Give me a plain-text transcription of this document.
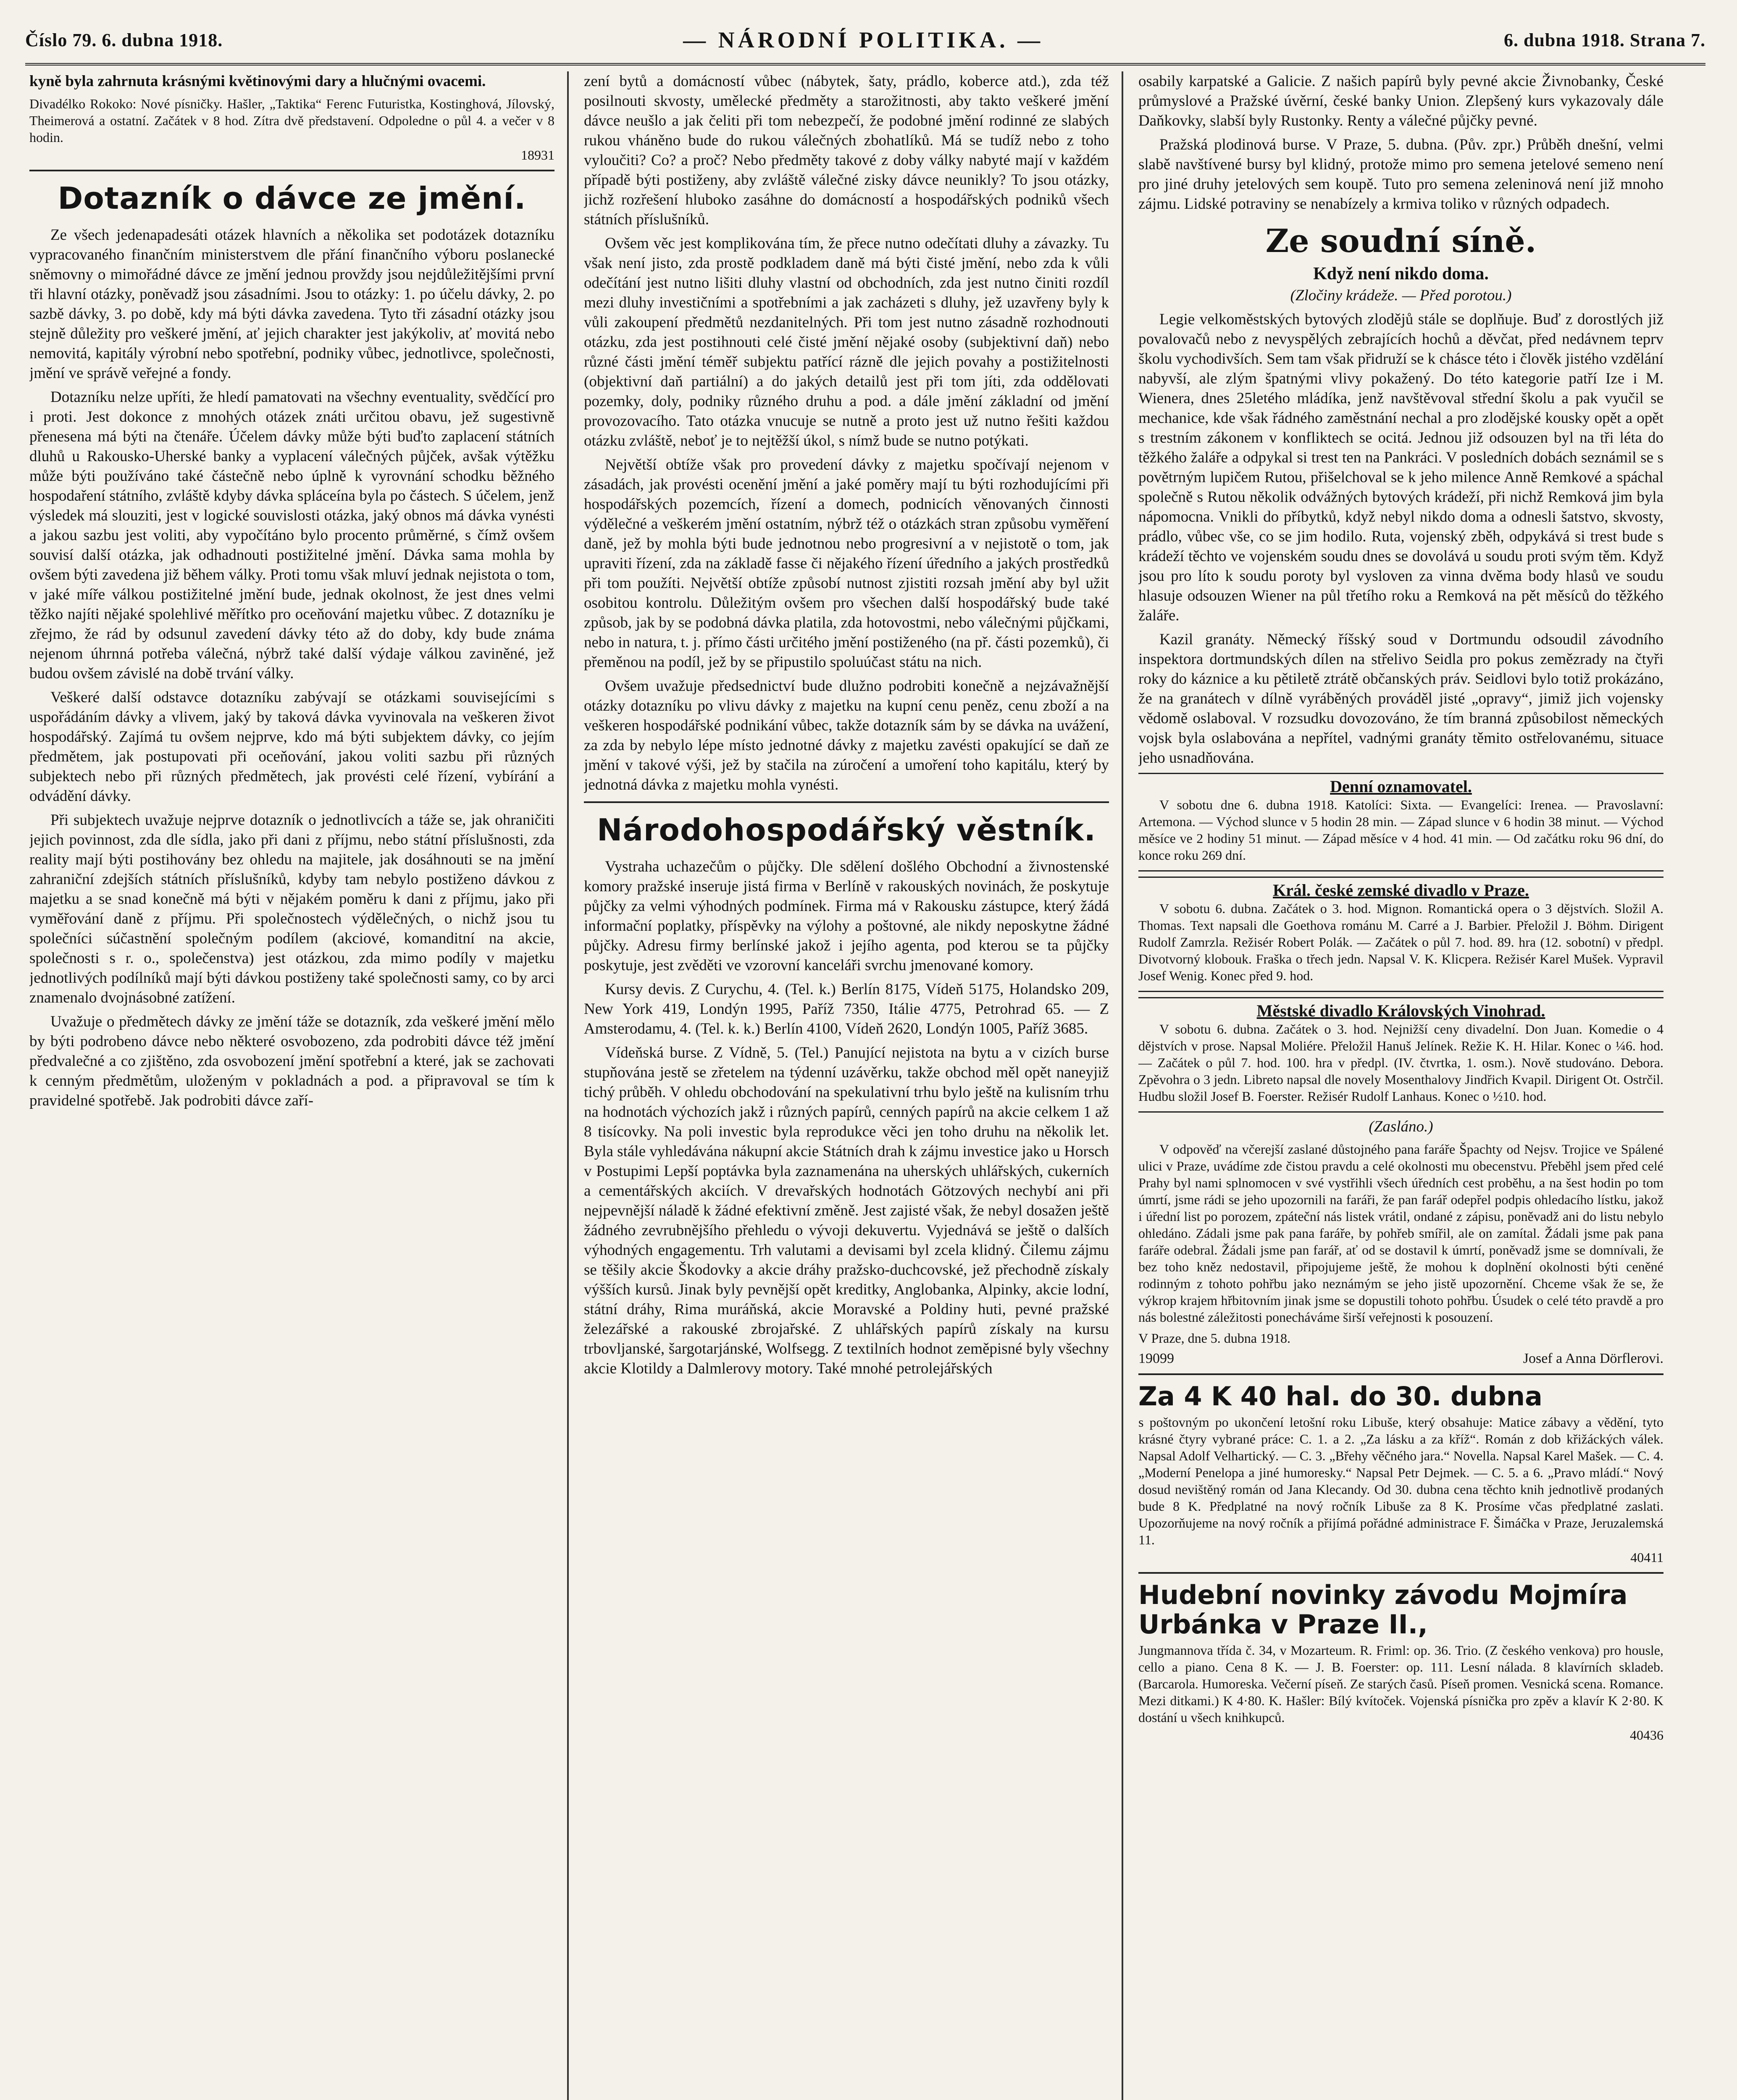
Číslo 79. 6. dubna 1918.	— NÁRODNÍ POLITIKA. —	6. dubna 1918. Strana 7.

kyně byla zahrnuta krásnými květinovými dary a hlučnými ovacemi.

Divadélko Rokoko: Nové písničky. Hašler, „Taktika“ Ferenc Futuristka, Kostinghová, Jílovský, Theimerová a ostatní. Začátek v 8 hod. Zítra dvě představení. Odpoledne o půl 4. a večer v 8 hodin.

18931
Dotazník o dávce ze jmění.

Ze všech jedenapadesáti otázek hlavních a několika set podotázek dotazníku vypracovaného finančním ministerstvem dle přání finančního výboru poslanecké sněmovny o mimořádné dávce ze jmění jednou provždy jsou nejdůležitějšími první tři hlavní otázky, poněvadž jsou zásadními. Jsou to otázky: 1. po účelu dávky, 2. po sazbě dávky, 3. po době, kdy má býti dávka zavedena. Tyto tři zásadní otázky jsou stejně důležity pro veškeré jmění, ať jejich charakter jest jakýkoliv, ať movitá nebo nemovitá, kapitály výrobní nebo spotřební, podniky vůbec, jednotlivce, společnosti, jmění ve správě veřejné a fondy.

Dotazníku nelze upříti, že hledí pamatovati na všechny eventuality, svědčící pro i proti. Jest dokonce z mnohých otázek znáti určitou obavu, jež sugestivně přenesena má býti na čtenáře. Účelem dávky může býti buďto zaplacení státních dluhů u Rakousko-Uherské banky a vyplacení válečných půjček, avšak výtěžku může býti používáno také částečně nebo úplně k vyrovnání schodku běžného hospodaření státního, zvláště kdyby dávka spláceína byla po částech. S účelem, jenž výsledek má slouziti, jest v logické souvislosti otázka, jaký obnos má dávka vynésti a jakou sazbu jest voliti, aby vypočítáno bylo procento průměrné, s čímž ovšem souvisí další otázka, jak odhadnouti postižitelné jmění. Dávka sama mohla by ovšem býti zavedena již během války. Proti tomu však mluví jednak nejistota o tom, v jaké míře válkou postižitelné jmění bude, jednak okolnost, že jest dnes velmi těžko najíti nějaké spolehlivé měřítko pro oceňování majetku vůbec. Z dotazníku je zřejmo, že rád by odsunul zavedení dávky této až do doby, kdy bude známa nejenom úhrnná potřeba válečná, nýbrž také další výdaje válkou zaviněné, jež budou ovšem závislé na době trvání války.

Veškeré další odstavce dotazníku zabývají se otázkami souvisejícími s uspořádáním dávky a vlivem, jaký by taková dávka vyvinovala na veškeren život hospodářský. Zajímá tu ovšem nejprve, kdo má býti subjektem dávky, co jejím předmětem, jak postupovati při oceňování, jakou voliti sazbu při různých subjektech nebo při různých předmětech, jak provésti celé řízení, vybírání a odvádění dávky.

Při subjektech uvažuje nejprve dotazník o jednotlivcích a táže se, jak ohraničiti jejich povinnost, zda dle sídla, jako při dani z příjmu, nebo státní příslušnosti, zda reality mají býti postihovány bez ohledu na majitele, jak dosáhnouti se na jmění zahraniční zdejších státních příslušníků, kdyby tam nebylo postiženo dávkou z majetku a se snad konečně má býti v nějakém poměru k dani z příjmu, jako při vyměřování daně z příjmu. Při společnostech výdělečných, o nichž jsou tu společníci súčastnění společným podílem (akciové, komanditní na akcie, společnosti s r. o., společenstva) jest otázkou, zda mimo podíly v majetku jednotlivých podílníků mají býti dávkou postiženy také společnosti samy, co by arci znamenalo dvojnásobné zatížení.

Uvažuje o předmětech dávky ze jmění táže se dotazník, zda veškeré jmění mělo by býti podrobeno dávce nebo některé osvobozeno, zda podrobiti dávce též jmění předvalečné a co zjištěno, zda osvobození jmění spotřební a které, jak se zachovati k cenným předmětům, uloženým v pokladnách a pod. a připravoval se tím k pravidelné spotřebě. Jak podrobiti dávce zaří-

zení bytů a domácností vůbec (nábytek, šaty, prádlo, koberce atd.), zda též posilnouti skvosty, umělecké předměty a starožitnosti, aby takto veškeré jmění dávce neušlo a jak čeliti při tom nebezpečí, že podobné jmění rodinné ze slabých rukou vháněno bude do rukou válečných zbohatlíků. Má se tudíž nebo z toho vyloučiti? Co? a proč? Nebo předměty takové z doby války nabyté mají v každém případě býti postiženy, aby zvláště válečné zisky dávce neunikly? To jsou otázky, jichž rozřešení hluboko zasáhne do domácností a hospodářských podniků všech státních příslušníků.

Ovšem věc jest komplikována tím, že přece nutno odečítati dluhy a závazky. Tu však není jisto, zda prostě podkladem daně má býti čisté jmění, nebo zda k vůli odečítání jest nutno lišiti dluhy vlastní od obchodních, zda jest nutno činiti rozdíl mezi dluhy investičními a spotřebními a jak zacházeti s dluhy, jež uzavřeny byly k vůli zakoupení předmětů nezdanitelných. Při tom jest nutno zásadně rozhodnouti otázku, zda jest postihnouti celé čisté jmění nějaké osoby (subjektivní daň) nebo různé části jmění téměř subjektu patřící rázně dle jejich povahy a postižitelnosti (objektivní daň partiální) a do jakých detailů jest při tom jíti, zda oddělovati pozemky, doly, podniky různého druhu a pod. a dále jmění základní od jmění provozovacího. Tato otázka vnucuje se nutně a proto jest už nutno řešiti každou otázku zvláště, neboť je to nejtěžší úkol, s nímž bude se nutno potýkati.

Největší obtíže však pro provedení dávky z majetku spočívají nejenom v zásadách, jak provésti ocenění jmění a jaké poměry mají tu býti rozhodujícími při hospodářských pozemcích, řízení a domech, podnicích věnovaných činnosti výdělečné a veškerém jmění ostatním, nýbrž též o otázkách stran způsobu vyměření daně, jež by mohla býti bude jednotnou nebo progresivní a v nejistotě o tom, jak upraviti řízení, zda na základě fasse či nějakého řízení úředního a jakých prostředků při tom použíti. Největší obtíže způsobí nutnost zjistiti rozsah jmění aby byl užit osobitou kontrolu. Důležitým ovšem pro všechen další hospodářský bude také způsob, jak by se podobná dávka platila, zda hotovostmi, nebo válečnými půjčkami, nebo in natura, t. j. přímo části určitého jmění postiženého (na př. části pozemků), či přeměnou na podíl, jež by se připustilo spoluúčast státu na nich.

Ovšem uvažuje předsednictví bude dlužno podrobiti konečně a nejzávažnější otázky dotazníku po vlivu dávky z majetku na kupní cenu peněz, cenu zboží a na veškeren hospodářské podnikání vůbec, takže dotazník sám by se dávka na uvážení, za zda by nebylo lépe místo jednotné dávky z majetku zavésti opakující se daň ze jmění v takové výši, jež by stačila na zúročení a umoření toho kapitálu, který by jednotná dávka z majetku mohla vynésti.

Národohospodářský věstník.

Vystraha uchazečům o půjčky. Dle sdělení došlého Obchodní a živnostenské komory pražské inseruje jistá firma v Berlíně v rakouských novinách, že poskytuje půjčky za velmi výhodných podmínek. Firma má v Rakousku zástupce, který žádá informační poplatky, příspěvky na výlohy a poštovné, ale nikdy neposkytne žádné půjčky. Adresu firmy berlínské jakož i jejího agenta, pod kterou se ta půjčky poskytuje, jest zvěděti ve vzorovní kanceláři svrchu jmenované komory.

Kursy devis. Z Curychu, 4. (Tel. k.) Berlín 8175, Vídeň 5175, Holandsko 209, New York 419, Londýn 1995, Paříž 7350, Itálie 4775, Petrohrad 65. — Z Amsterodamu, 4. (Tel. k. k.) Berlín 4100, Vídeň 2620, Londýn 1005, Paříž 3685.

Vídeňská burse. Z Vídně, 5. (Tel.) Panující nejistota na bytu a v cizích burse stupňována jestě se zřetelem na týdenní uzávěrku, takže obchod měl opět naneyjiž tichý průběh. V ohledu obchodování na spekulativní trhu bylo ještě na kulisním trhu na hodnotách výchozích jakž i různých papírů, cenných papírů na akcie celkem 1 až 8 tisícovky. Na poli investic byla reprodukce věci jen toho druhu na několik let. Byla stále vyhledávána nákupní akcie Státních drah k zájmu investice jako u Horsch v Postupimi Lepší poptávka byla zaznamenána na uherských uhlářských, cukerních a cementářských akciích. V drevařských hodnotách Götzových nechybí ani při nejpevnější náladě k žádné efektivní změně. Jest zajisté však, že nebyl dosažen ještě žádného zevrubnějšího přehledu o vývoji dekuvertu. Vyjednává se ještě o dalších výhodných engagementu. Trh valutami a devisami byl zcela klidný. Čilemu zájmu se těšily akcie Škodovky a akcie dráhy pražsko-duchcovské, jež přechodně získaly výšších kursů. Jinak byly pevnější opět kreditky, Anglobanka, Alpinky, akcie lodní, státní dráhy, Rima muráňská, akcie Moravské a Poldiny huti, pevné pražské železářské a rakouské zbrojařské. Z uhlářských papírů získaly na kursu trbovljanské, šargotarjánské, Wolfsegg. Z textilních hodnot zeměpisné byly všechny akcie Klotildy a Dalmlerovy motory. Také mnohé petrolejářských

osabily karpatské a Galicie. Z našich papírů byly pevné akcie Živnobanky, České průmyslové a Pražské úvěrní, české banky Union. Zlepšený kurs vykazovaly dále Daňkovky, slabší byly Rustonky. Renty a válečné půjčky pevné.

Pražská plodinová burse. V Praze, 5. dubna. (Pův. zpr.) Průběh dnešní, velmi slabě navštívené bursy byl klidný, protože mimo pro semena jetelové semeno není pro jiné druhy jetelových sem koupě. Tuto pro semena zeleninová není již mnoho zájmu. Lidské potraviny se nenabízely a krmiva toliko v různých odpadech.

Ze soudní síně.
Když není nikdo doma.
(Zločiny krádeže. — Před porotou.)

Legie velkoměstských bytových zlodějů stále se doplňuje. Buď z dorostlých již povalovačů nebo z nevyspělých zebrajících hochů a děvčat, před nedávnem teprv školu vychodivších. Sem tam však přidruží se k chásce této i člověk jistého vzdělání nabyvší, ale zlým špatnými vlivy pokažený. Do této kategorie patří Ize i M. Wienera, dnes 25letého mládíka, jenž navštěvoval střední školu a pak vyučil se mechanice, kde však řádného zaměstnání nechal a pro zlodějské kousky opět a opět s trestním zákonem v konfliktech se ocitá. Jednou již odsouzen byl na tři léta do těžkého žaláře a odpykal si trest ten na Pankráci. V posledních dobách seznámil se s povětrným lupičem Rutou, přišelchoval se k jeho milence Anně Remkové a spáchal společně s Rutou několik odvážných bytových krádeží, při nichž Remková jim byla nápomocna. Vnikli do příbytků, když nebyl nikdo doma a odnesli šatstvo, skvosty, prádlo, vůbec vše, co se jim hodilo. Ruta, vojenský zběh, odpykává si trest bude s krádeží těchto ve vojenském soudu dnes se dovolává u soudu proti svým těm. Když jsou pro líto k soudu poroty byl vysloven za vinna dvěma body hlasů ve soudu hlasuje odsouzen Wiener na půl třetího roku a Remková na pět měsíců do těžkého žaláře.

Kazil granáty. Německý říšský soud v Dortmundu odsoudil závodního inspektora dortmundských dílen na střelivo Seidla pro pokus zemězrady na čtyři roky do káznice a ku pětiletě ztrátě občanských práv. Seidlovi bylo totiž prokázáno, že na granátech v dílně vyráběných prováděl jisté „opravy“, jimiž jich vojensky vědomě oslaboval. V rozsudku dovozováno, že tím branná způsobilost německých vojsk byla oslabována a nepřítel, vadnými granáty těmito ostřelovanému, situace jeho usnadňována.

Denní oznamovatel.

V sobotu dne 6. dubna 1918. Katolíci: Sixta. — Evangelíci: Irenea. — Pravoslavní: Artemona. — Východ slunce v 5 hodin 28 min. — Západ slunce v 6 hodin 38 minut. — Východ měsíce ve 2 hodiny 51 minut. — Západ měsíce v 4 hod. 41 min. — Od začátku roku 96 dní, do konce roku 269 dní.

Král. české zemské divadlo v Praze.

V sobotu 6. dubna. Začátek o 3. hod. Mignon. Romantická opera o 3 dějstvích. Složil A. Thomas. Text napsali dle Goethova románu M. Carré a J. Barbier. Přeložil J. Böhm. Dirigent Rudolf Zamrzla. Režisér Robert Polák. — Začátek o půl 7. hod. 89. hra (12. sobotní) v předpl. Divotvorný klobouk. Fraška o třech jedn. Napsal V. K. Klicpera. Režisér Karel Mušek. Vypravil Josef Wenig. Konec před 9. hod.

Městské divadlo Královských Vinohrad.

V sobotu 6. dubna. Začátek o 3. hod. Nejnižší ceny divadelní. Don Juan. Komedie o 4 dějstvích v prose. Napsal Moliére. Přeložil Hanuš Jelínek. Režie K. H. Hilar. Konec o ¼6. hod. — Začátek o půl 7. hod. 100. hra v předpl. (IV. čtvrtka, 1. osm.). Nově studováno. Debora. Zpěvohra o 3 jedn. Libreto napsal dle novely Mosenthalovy Jindřich Kvapil. Dirigent Ot. Ostrčil. Hudbu složil Josef B. Foerster. Režisér Rudolf Lanhaus. Konec o ½10. hod.

(Zasláno.)

V odpověď na včerejší zaslané důstojného pana faráře Špachty od Nejsv. Trojice ve Spálené ulici v Praze, uvádíme zde čistou pravdu a celé okolnosti mu obecenstvu. Přeběhl jsem před celé Prahy byl nami splnomocen v své vystřihli všech úředních cest proběhu, a na šest hodin po tom úmrtí, jsme rádi se jeho upozornili na faráři, že pan farář odepřel podpis ohledacího lístku, jakož i úřední list po porozem, zpáteční nás listek vrátil, ondané z zápisu, poněvadž ani do listu nebylo ohledáno. Zádali jsme pak pana faráře, by pohřeb smířil, ale on zamítal. Žádali jsme pak pana faráře odebral. Žádali jsme pan farář, ať od se dostavil k úmrtí, poněvadž jsme se domnívali, že bez toho kněz nedostavil, připojujeme ještě, že mohou k doplnění okolnosti býti ceněné rodinným z tohoto pohřbu jako neznámým se jeho jistě upozornění. Chceme však že se, že výkrop krajem hřbitovním jinak jsme se dopustili tohoto pohřbu. Úsudek o celé této pravdě a pro nás bolestné záležitosti ponecháváme širší veřejnosti k posouzení.

V Praze, dne 5. dubna 1918.

19099	Josef a Anna Dörflerovi.
Za 4 K 40 hal. do 30. dubna

s poštovným po ukončení letošní roku Libuše, který obsahuje: Matice zábavy a vědění, tyto krásné čtyry vybrané práce: C. 1. a 2. „Za lásku a za kříž“. Román z dob křižáckých válek. Napsal Adolf Velhartický. — C. 3. „Břehy věčného jara.“ Novella. Napsal Karel Mašek. — C. 4. „Moderní Penelopa a jiné humoresky.“ Napsal Petr Dejmek. — C. 5. a 6. „Pravo mládí.“ Nový dosud nevištěný román od Jana Klecandy. Od 30. dubna cena těchto knih jednotlivě prodaných bude 8 K. Předplatné na nový ročník Libuše za 8 K. Prosíme včas předplatné zaslati. Upozorňujeme na nový ročník a přijímá pořádné administrace F. Šimáčka v Praze, Jeruzalemská 11.

40411
Hudební novinky závodu Mojmíra Urbánka v Praze II.,

Jungmannova třída č. 34, v Mozarteum. R. Friml: op. 36. Trio. (Z českého venkova) pro housle, cello a piano. Cena 8 K. — J. B. Foerster: op. 111. Lesní nálada. 8 klavírních skladeb. (Barcarola. Humoreska. Večerní píseň. Ze starých časů. Píseň promen. Vesnická scena. Romance. Mezi ditkami.) K 4·80. K. Hašler: Bílý kvítoček. Vojenská písnička pro zpěv a klavír K 2·80. K dostání u všech knihkupců.

40436
